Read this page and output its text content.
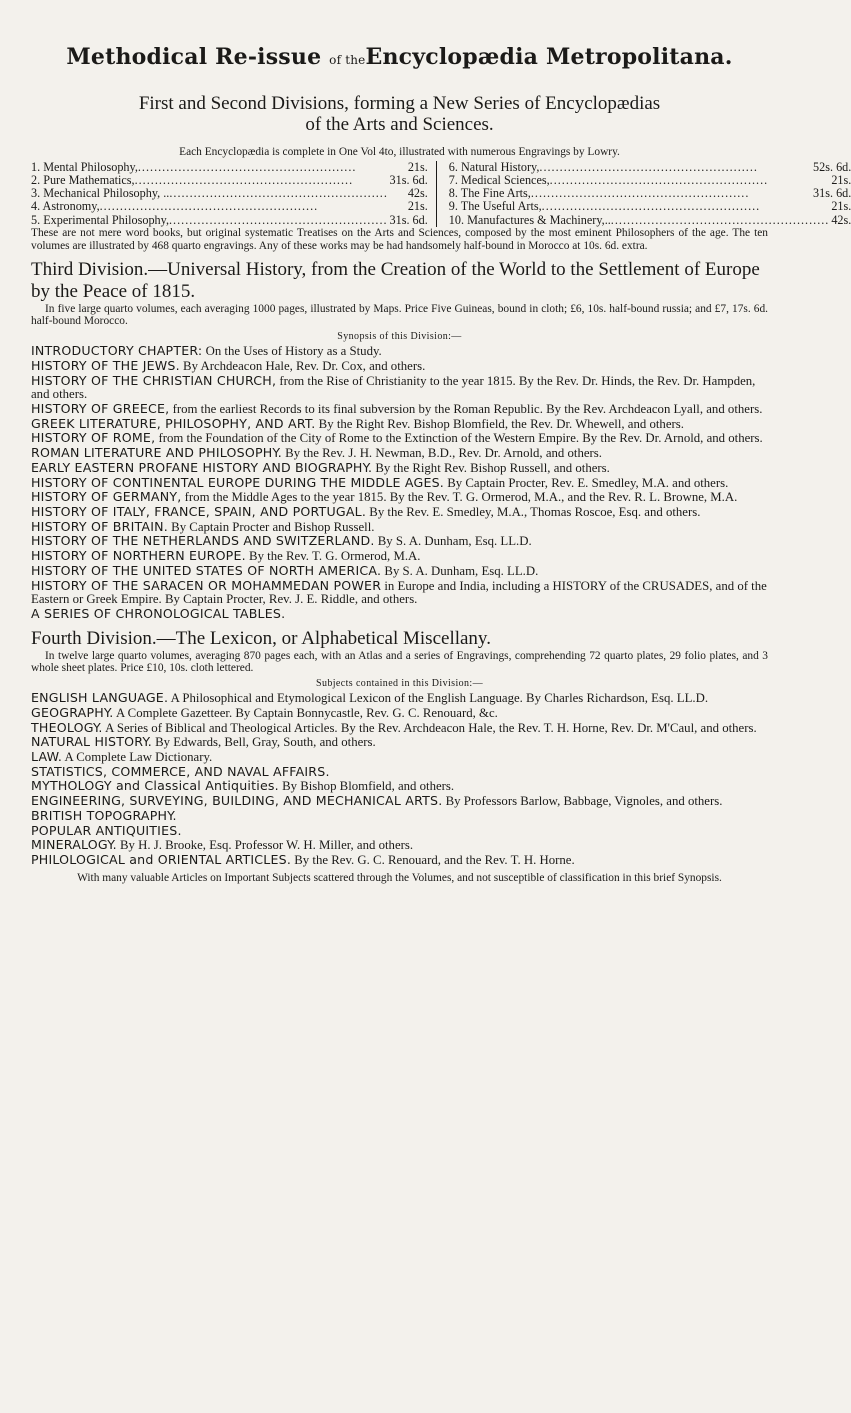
Methodical Re-issue of theEncyclopædia Metropolitana.
First and Second Divisions, forming a New Series of Encyclopædias
of the Arts and Sciences.
Each Encyclopædia is complete in One Vol 4to, illustrated with numerous Engravings by Lowry.
1. Mental Philosophy, ......................................................	21s.
2. Pure Mathematics, ......................................................	31s. 6d.
3. Mechanical Philosophy, .. ......................................................	42s.
4. Astronomy, ......................................................	21s.
5. Experimental Philosophy, ...................................................... 31s. 6d.
6. Natural History, ......................................................	52s. 6d.
7. Medical Sciences, ......................................................	21s.
8. The Fine Arts, ......................................................	31s. 6d.
9. The Useful Arts, ......................................................	21s.
10. Manufactures & Machinery,.. ...................................................... 42s.
These are not mere word books, but original systematic Treatises on the Arts and Sciences, composed by the most eminent Philosophers of the age. The ten volumes are illustrated by 468 quarto engravings. Any of these works may be had handsomely half-bound in Morocco at 10s. 6d. extra.
Third Division.—Universal History, from the Creation of the World to the Settlement of Europe by the Peace of 1815.
In five large quarto volumes, each averaging 1000 pages, illustrated by Maps. Price Five Guineas, bound in cloth; £6, 10s. half-bound russia; and £7, 17s. 6d. half-bound Morocco.
Synopsis of this Division:—

INTRODUCTORY CHAPTER: On the Uses of History as a Study.

HISTORY OF THE JEWS. By Archdeacon Hale, Rev. Dr. Cox, and others.

HISTORY OF THE CHRISTIAN CHURCH, from the Rise of Christianity to the year 1815. By the Rev. Dr. Hinds, the Rev. Dr. Hampden, and others.

HISTORY OF GREECE, from the earliest Records to its final subversion by the Roman Republic. By the Rev. Archdeacon Lyall, and others.

GREEK LITERATURE, PHILOSOPHY, AND ART. By the Right Rev. Bishop Blomfield, the Rev. Dr. Whewell, and others.

HISTORY OF ROME, from the Foundation of the City of Rome to the Extinction of the Western Empire. By the Rev. Dr. Arnold, and others.

ROMAN LITERATURE AND PHILOSOPHY. By the Rev. J. H. Newman, B.D., Rev. Dr. Arnold, and others.

EARLY EASTERN PROFANE HISTORY AND BIOGRAPHY. By the Right Rev. Bishop Russell, and others.

HISTORY OF CONTINENTAL EUROPE DURING THE MIDDLE AGES. By Captain Procter, Rev. E. Smedley, M.A. and others.

HISTORY OF GERMANY, from the Middle Ages to the year 1815. By the Rev. T. G. Ormerod, M.A., and the Rev. R. L. Browne, M.A.

HISTORY OF ITALY, FRANCE, SPAIN, AND PORTUGAL. By the Rev. E. Smedley, M.A., Thomas Roscoe, Esq. and others.

HISTORY OF BRITAIN. By Captain Procter and Bishop Russell.

HISTORY OF THE NETHERLANDS AND SWITZERLAND. By S. A. Dunham, Esq. LL.D.

HISTORY OF NORTHERN EUROPE. By the Rev. T. G. Ormerod, M.A.

HISTORY OF THE UNITED STATES OF NORTH AMERICA. By S. A. Dunham, Esq. LL.D.

HISTORY OF THE SARACEN OR MOHAMMEDAN POWER in Europe and India, including a HISTORY of the CRUSADES, and of the Eastern or Greek Empire. By Captain Procter, Rev. J. E. Riddle, and others.

A SERIES OF CHRONOLOGICAL TABLES.

Fourth Division.—The Lexicon, or Alphabetical Miscellany.
In twelve large quarto volumes, averaging 870 pages each, with an Atlas and a series of Engravings, comprehending 72 quarto plates, 29 folio plates, and 3 whole sheet plates. Price £10, 10s. cloth lettered.
Subjects contained in this Division:—

ENGLISH LANGUAGE. A Philosophical and Etymological Lexicon of the English Language. By Charles Richardson, Esq. LL.D.

GEOGRAPHY. A Complete Gazetteer. By Captain Bonnycastle, Rev. G. C. Renouard, &c.

THEOLOGY. A Series of Biblical and Theological Articles. By the Rev. Archdeacon Hale, the Rev. T. H. Horne, Rev. Dr. M'Caul, and others.

NATURAL HISTORY. By Edwards, Bell, Gray, South, and others.

LAW. A Complete Law Dictionary.

STATISTICS, COMMERCE, AND NAVAL AFFAIRS.

MYTHOLOGY and Classical Antiquities. By Bishop Blomfield, and others.

ENGINEERING, SURVEYING, BUILDING, AND MECHANICAL ARTS. By Professors Barlow, Babbage, Vignoles, and others.

BRITISH TOPOGRAPHY.

POPULAR ANTIQUITIES.

MINERALOGY. By H. J. Brooke, Esq. Professor W. H. Miller, and others.

PHILOLOGICAL and ORIENTAL ARTICLES. By the Rev. G. C. Renouard, and the Rev. T. H. Horne.

With many valuable Articles on Important Subjects scattered through the Volumes, and not susceptible of classification in this brief Synopsis.
